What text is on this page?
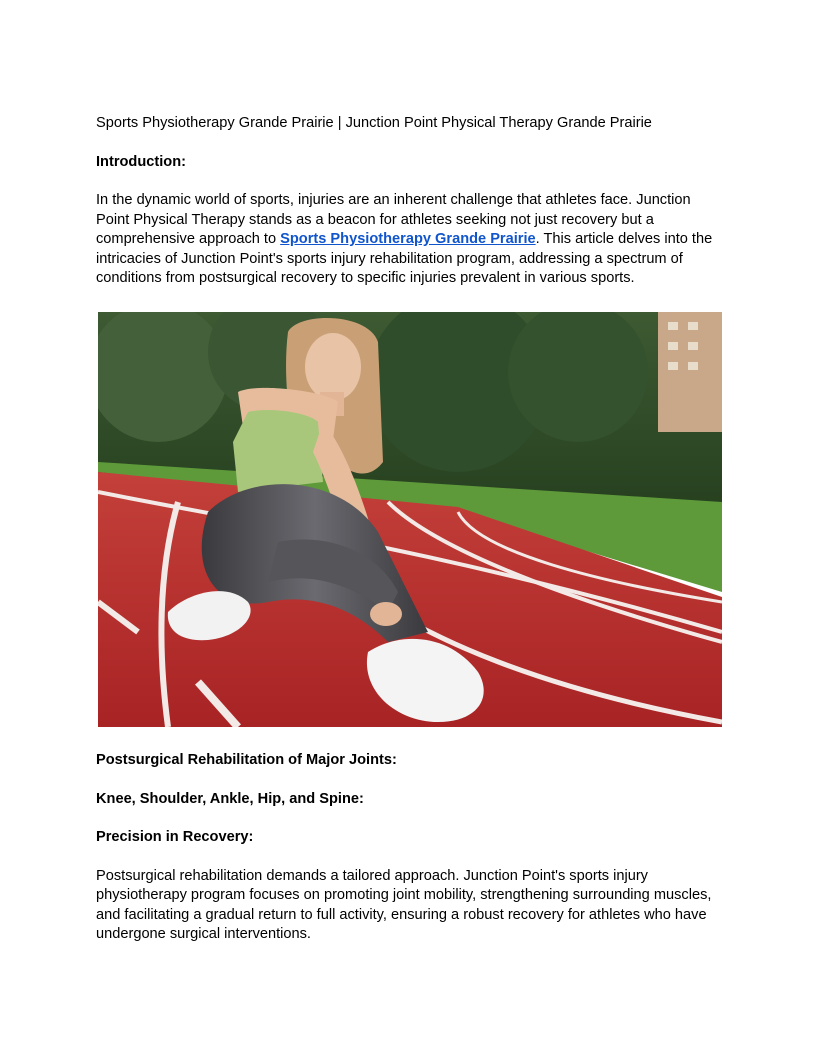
Sports Physiotherapy Grande Prairie | Junction Point Physical Therapy Grande Prairie

Introduction:

In the dynamic world of sports, injuries are an inherent challenge that athletes face. Junction Point Physical Therapy stands as a beacon for athletes seeking not just recovery but a comprehensive approach to Sports Physiotherapy Grande Prairie. This article delves into the intricacies of Junction Point's sports injury rehabilitation program, addressing a spectrum of conditions from postsurgical recovery to specific injuries prevalent in various sports.

Postsurgical Rehabilitation of Major Joints:

Knee, Shoulder, Ankle, Hip, and Spine:

Precision in Recovery:

Postsurgical rehabilitation demands a tailored approach. Junction Point's sports injury physiotherapy program focuses on promoting joint mobility, strengthening surrounding muscles, and facilitating a gradual return to full activity, ensuring a robust recovery for athletes who have undergone surgical interventions.
